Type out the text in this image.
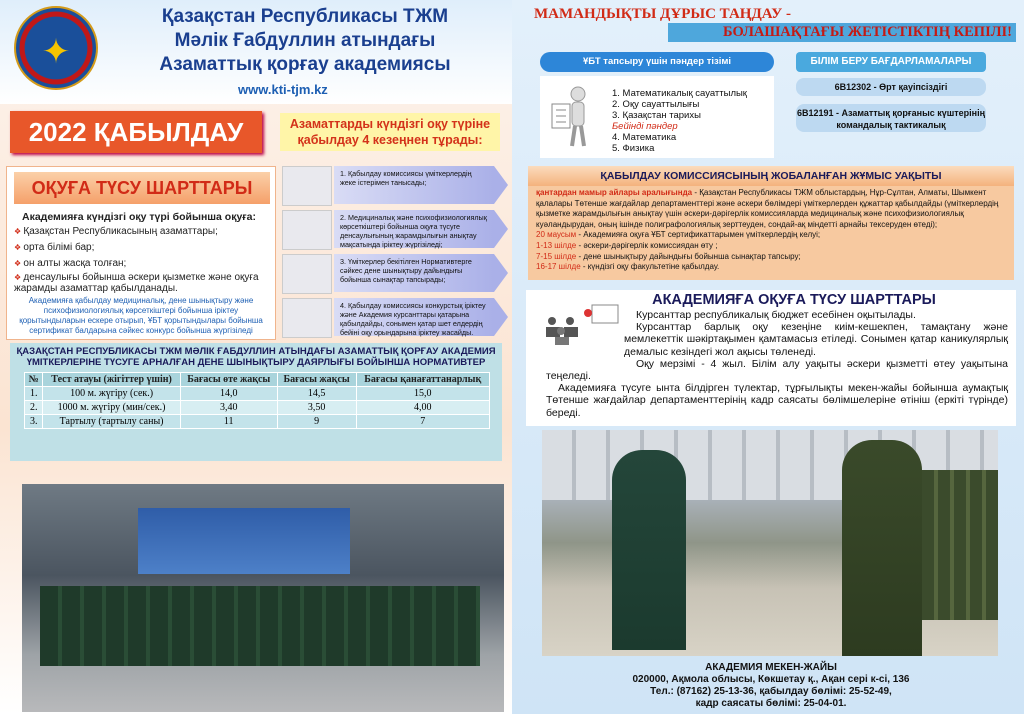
✦
Қазақстан Республикасы ТЖМ
Мәлік Ғабдуллин атындағы
Азаматтық қорғау академиясы
www.kti-tjm.kz
2022 ҚАБЫЛДАУ	Азаматтарды күндізгі оқу түріне қабылдау 4 кезеңнен тұрады:
ОҚУҒА ТҮСУ ШАРТТАРЫ
Академияға күндізгі оқу түрі бойынша оқуға:
❖ Қазақстан Республикасының азаматтары;
❖ орта білімі бар;
❖ он алты жасқа толған;
❖ денсаулығы бойынша әскери қызметке және оқуға жарамды азаматтар қабылданады.
Академияға қабылдау медициналық, дене шынықтыру және психофизиологиялық көрсеткіштері бойынша іріктеу қорытындыларын ескере отырып, ҰБТ қорытындылары бойынша сертификат балдарына сәйкес конкурс бойынша жүргізіледі
1. Қабылдау комиссиясы үміткерлердің жеке істерімен танысады;
2. Медициналық және психофизиологиялық көрсеткіштері бойынша оқуға түсуге денсаулығының жарамдылығын анықтау мақсатында іріктеу жүргізіледі;
3. Үміткерлер бекітілген Нормативтерге сәйкес дене шынықтыру дайындығы бойынша сынақтар тапсырады;
4. Қабылдау комиссиясы конкурстық іріктеу және Академия курсанттары қатарына қабылдайды, сонымен қатар шет елдердің бейіні оқу орындарына іріктеу жасайды.
ҚАЗАҚСТАН РЕСПУБЛИКАСЫ ТЖМ МӘЛІК ҒАБДУЛЛИН АТЫНДАҒЫ АЗАМАТТЫҚ ҚОРҒАУ АКАДЕМИЯ ҮМІТКЕРЛЕРІНЕ ТҮСУГЕ АРНАЛҒАН ДЕНЕ ШЫНЫҚТЫРУ ДАЯРЛЫҒЫ БОЙЫНША НОРМАТИВТЕР
№	Тест атауы (жігіттер үшін)	Бағасы өте жақсы	Бағасы жақсы	Бағасы қанағаттанарлық
1.	100 м. жүгіру (сек.)	14,0	14,5	15,0
2.	1000 м. жүгіру (мин/сек.)	3,40	3,50	4,00
3.	Тартылу (тартылу саны)	11	9	7
МАМАНДЫҚТЫ ДҰРЫС ТАҢДАУ -
БОЛАШАҚТАҒЫ ЖЕТІСТІКТІҢ КЕПІЛІ!
ҰБТ тапсыру үшін пәндер тізімі
1. Математикалық сауаттылық
2. Оқу сауаттылығы
3. Қазақстан тарихы
Бейінді пәндер
4. Математика
5. Физика
БІЛІМ БЕРУ БАҒДАРЛАМАЛАРЫ
6В12302 - Өрт қауіпсіздігі
6В12191 - Азаматтық қорғаныс күштерінің командалық тактикалық
ҚАБЫЛДАУ КОМИССИЯСЫНЫҢ ЖОБАЛАНҒАН ЖҰМЫС УАҚЫТЫ
қантардан мамыр айлары аралығында - Қазақстан Республикасы ТЖМ облыстардың, Нұр-Сұлтан, Алматы, Шымкент қалалары Төтенше жағдайлар департаменттері және әскери бөлімдері үміткерлерден құжаттар қабылдайды (үміткерлердің қызметке жарамдылығын анықтау үшін әскери-дәрігерлік комиссияларда медициналық және психофизиологиялық куәландырудан, оның ішінде полиграфологиялық зерттеуден, сондай-ақ міндетті арнайы тексеруден өтеді);
20 маусым - Академияға оқуға ҰБТ сертификаттарымен үміткерлердің келуі;
1-13 шілде - әскери-дәрігерлік комиссиядан өту ;
7-15 шілде - дене шынықтыру дайындығы бойынша сынақтар тапсыру;
16-17 шілде - күндізгі оқу факультетіне қабылдау.
АКАДЕМИЯҒА ОҚУҒА ТҮСУ ШАРТТАРЫ
Курсанттар республикалық бюджет есебінен оқытылады.
Курсанттар барлық оқу кезеңіне киім-кешекпен, тамақтану және мемлекеттік шәкіртақымен қамтамасыз етіледі. Сонымен қатар каникулярлық демалыс кезіндегі жол ақысы төленеді.
Оқу мерзімі - 4 жыл. Білім алу уақыты әскери қызметті өтеу уақытына теңеледі.
Академияға түсуге ынта білдірген түлектар, тұрғылықты мекен-жайы бойынша аумақтық Төтенше жағдайлар департаменттерінің кадр саясаты бөлімшелеріне өтініш (еркіті түрінде) береді.
АКАДЕМИЯ МЕКЕН-ЖАЙЫ
020000, Ақмола облысы, Көкшетау қ., Ақан сері к-сі, 136
Тел.: (87162) 25-13-36, қабылдау бөлімі: 25-52-49,
кадр саясаты бөлімі: 25-04-01.
